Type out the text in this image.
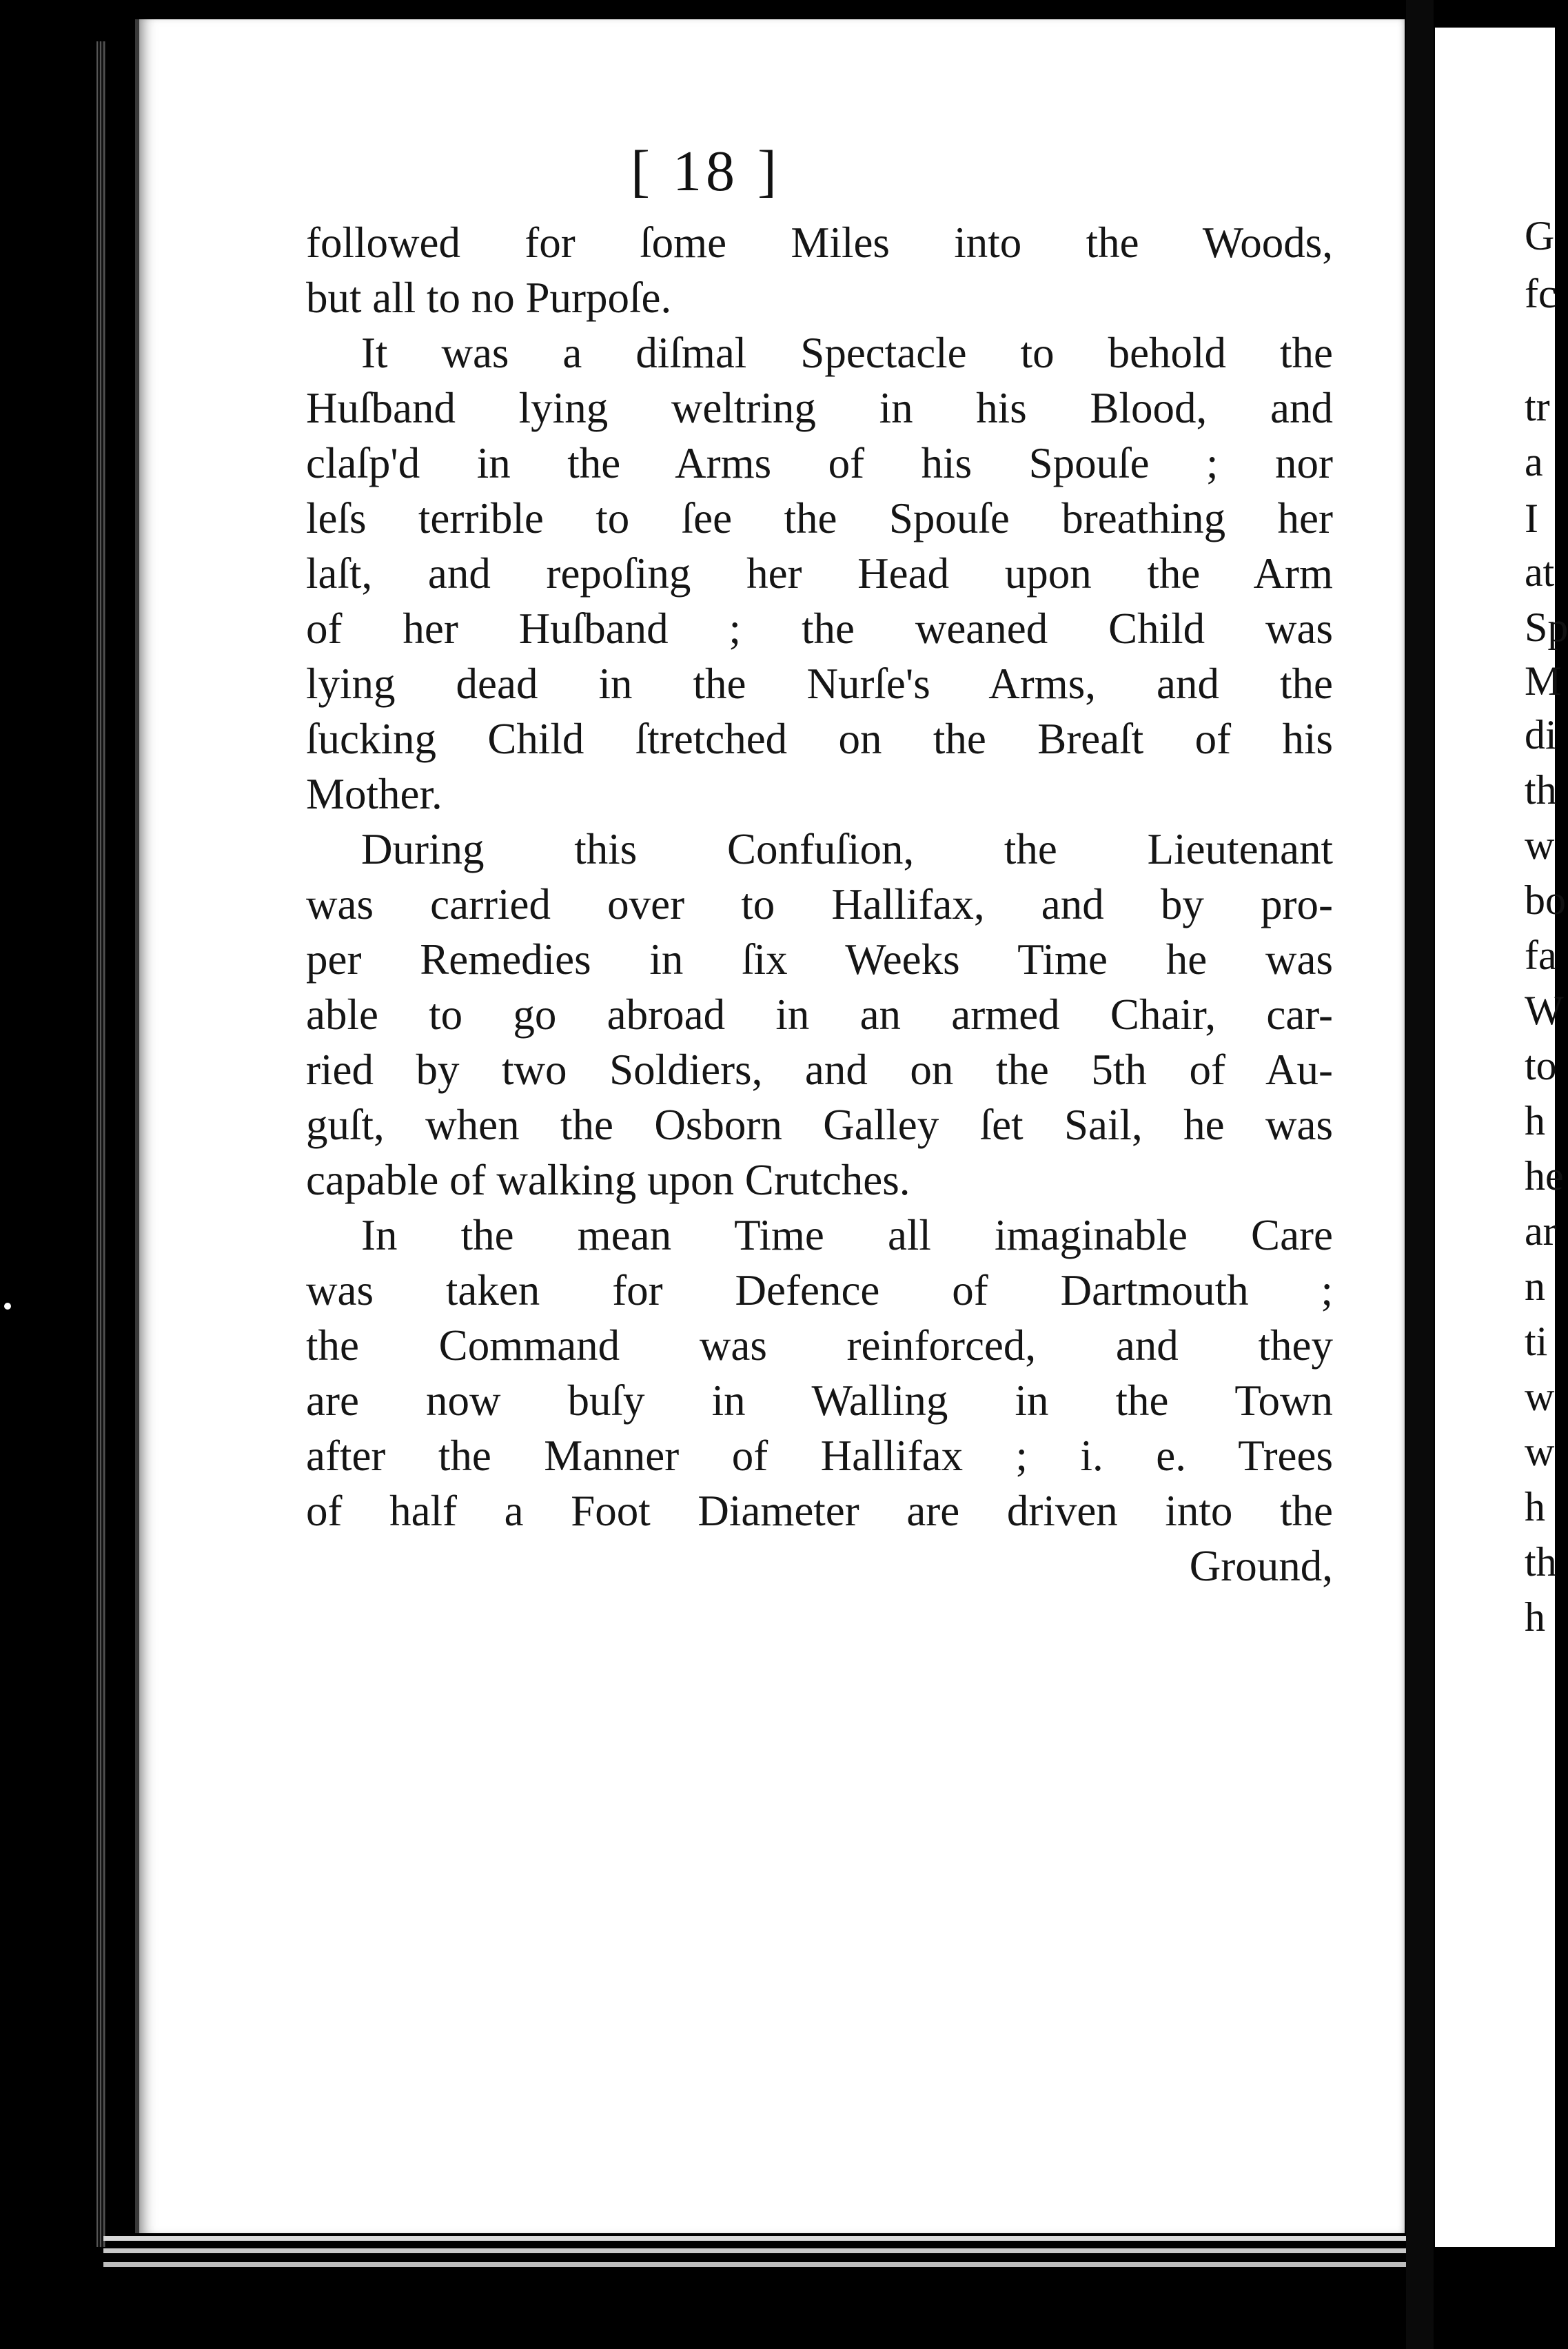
[ 18 ]

followed for ſome Miles into the Woods,
but all to no Purpoſe.

It was a diſmal Spectacle to behold the
Huſband lying weltring in his Blood, and
claſp'd in the Arms of his Spouſe ; nor
leſs terrible to ſee the Spouſe breathing her
laſt, and repoſing her Head upon the Arm
of her Huſband ; the weaned Child was
lying dead in the Nurſe's Arms, and the
ſucking Child ſtretched on the Breaſt of his
Mother.

During this Confuſion, the Lieutenant
was carried over to Hallifax, and by pro-
per Remedies in ſix Weeks Time he was
able to go abroad in an armed Chair, car-
ried by two Soldiers, and on the 5th of Au-
guſt, when the Osborn Galley ſet Sail, he was
capable of walking upon Crutches.

In the mean Time all imaginable Care
was taken for Defence of Dartmouth ;
the Command was reinforced, and they
are now buſy in Walling in the Town
after the Manner of Hallifax ; i. e. Trees
of half a Foot Diameter are driven into the
Ground,

G
fc
tr
a
I
at
Sp
M
di
th
w
bo
fa
W
to
h
he
ar
n
ti
w
w
h
th
h
